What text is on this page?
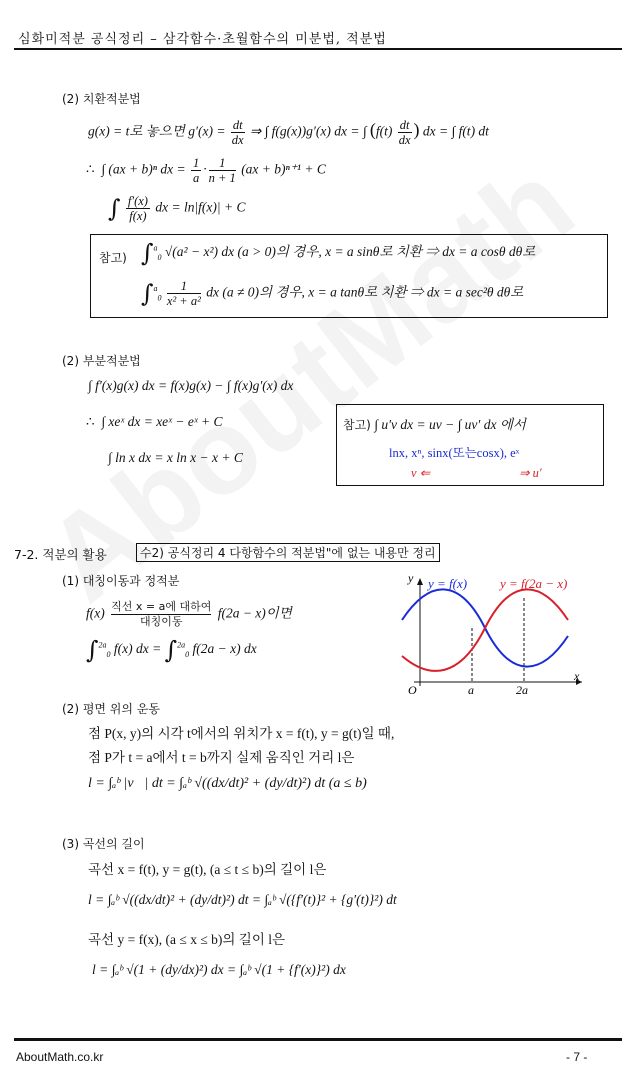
심화미적분 공식정리 – 삼각함수·초월함수의 미분법, 적분법
(2) 치환적분법
g(x) = t로 놓으면 $g'(x) = \frac{dt}{dx}$ ⇒ ∫ f(g(x))g′(x) dx = ∫ ($f(t) \frac{dt}{dx}$ ) dx = ∫ f(t) dt
∴ ∫ (ax + b)ⁿ dx = $\frac{1}{a} \cdot \frac{1}{n + 1} (ax + b)^{n+1} + C$
∫ $\frac{f'(x)}{f(x)}$ dx = ln|f(x)| + C
참고) ∫$^a_0$ √(a² − x²) dx (a > 0)의 경우, x = a sinθ로 치환 ⇒ dx = a cosθ dθ로
$\int^a_0 \frac{1}{\text{x² + a²}}$ dx (a ≠ 0)의 경우, x = a tanθ로 치환 ⇒ dx = a sec²θ dθ로
(2) 부분적분법
∫ f′(x)g(x) dx = f(x)g(x) − ∫ f(x)g′(x) dx
∴ ∫ xeˣ dx = xeˣ − eˣ + C
∫ ln x dx = x ln x − x + C
참고) ∫ u′v dx = uv − ∫ uv′ dx 에서
lnx, xⁿ, sinx(또는cosx), eˣ
v ⇐	⇒ u′
7-2. 적분의 활용	수2) 공식정리 4 다항함수의 적분법"에 없는 내용만 정리
(1) 대칭이동과 정적분
$f(x) \frac{\text{직선 x = a에 대하여}}{\text{대칭이동}} f(2a - x)$이면
∫$^{2a}_0$ f(x) dx = ∫$^{2a}_0$ f(2a − x) dx
y y = f(x)	y = f(2a − x)
x
O	a	2a
(2) 평면 위의 운동
점 P(x, y)의 시각 t에서의 위치가 x = f(t), y = g(t)일 때,
점 P가 t = a에서 t = b까지 실제 움직인 거리 l은
l = ∫ₐᵇ |v⃗| dt = ∫ₐᵇ √((dx/dt)² + (dy/dt)²) dt (a ≤ b)
(3) 곡선의 길이
곡선 x = f(t), y = g(t), (a ≤ t ≤ b)의 길이 l은
l = ∫ₐᵇ √((dx/dt)² + (dy/dt)²) dt = ∫ₐᵇ √({f′(t)}² + {g′(t)}²) dt
곡선 y = f(x), (a ≤ x ≤ b)의 길이 l은
l = ∫ₐᵇ √(1 + (dy/dx)²) dx = ∫ₐᵇ √(1 + {f′(x)}²) dx
AboutMath.co.kr	- 7 -
